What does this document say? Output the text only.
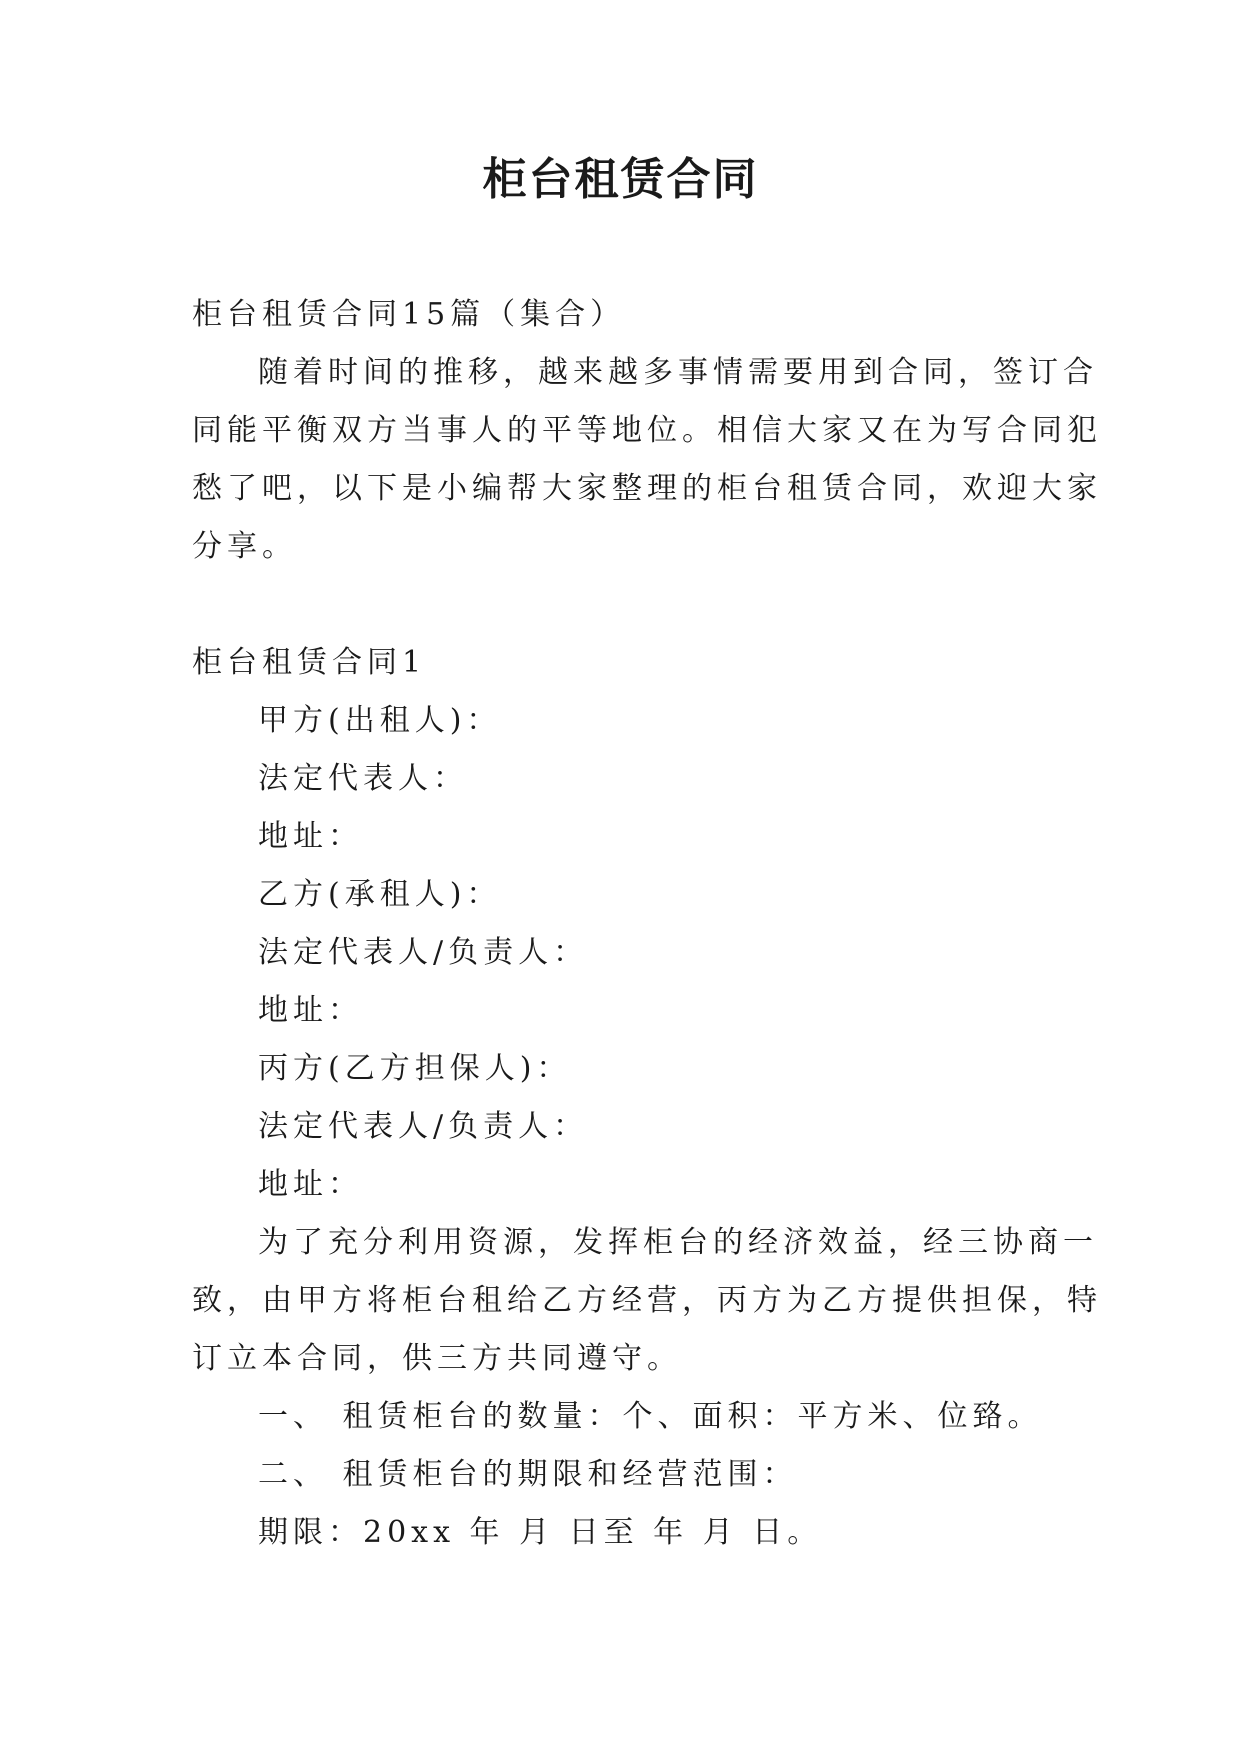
柜台租赁合同

柜台租赁合同15篇（集合）

随着时间的推移，越来越多事情需要用到合同，签订合

同能平衡双方当事人的平等地位。相信大家又在为写合同犯

愁了吧，以下是小编帮大家整理的柜台租赁合同，欢迎大家

分享。

柜台租赁合同1

甲方(出租人)：

法定代表人：

地址：

乙方(承租人)：

法定代表人/负责人：

地址：

丙方(乙方担保人)：

法定代表人/负责人：

地址：

为了充分利用资源，发挥柜台的经济效益，经三协商一

致，由甲方将柜台租给乙方经营，丙方为乙方提供担保，特

订立本合同，供三方共同遵守。

一、 租赁柜台的数量：个、面积：平方米、位臵。

二、 租赁柜台的期限和经营范围：

期限：20xx 年 月 日至 年 月 日。
